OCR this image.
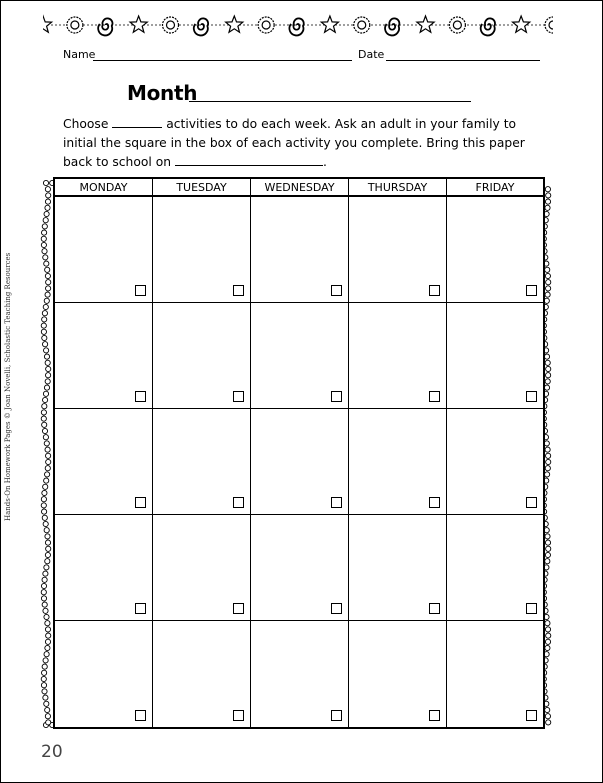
Name	Date
Month
Choose	activities to do each week. Ask an adult in your family to initial the square in the box of each activity you complete. Bring this paper back to school on	.
MONDAY	TUESDAY	WEDNESDAY	THURSDAY	FRIDAY
Hands-On Homework Pages © Joan Novelli, Scholastic Teaching Resources
20
